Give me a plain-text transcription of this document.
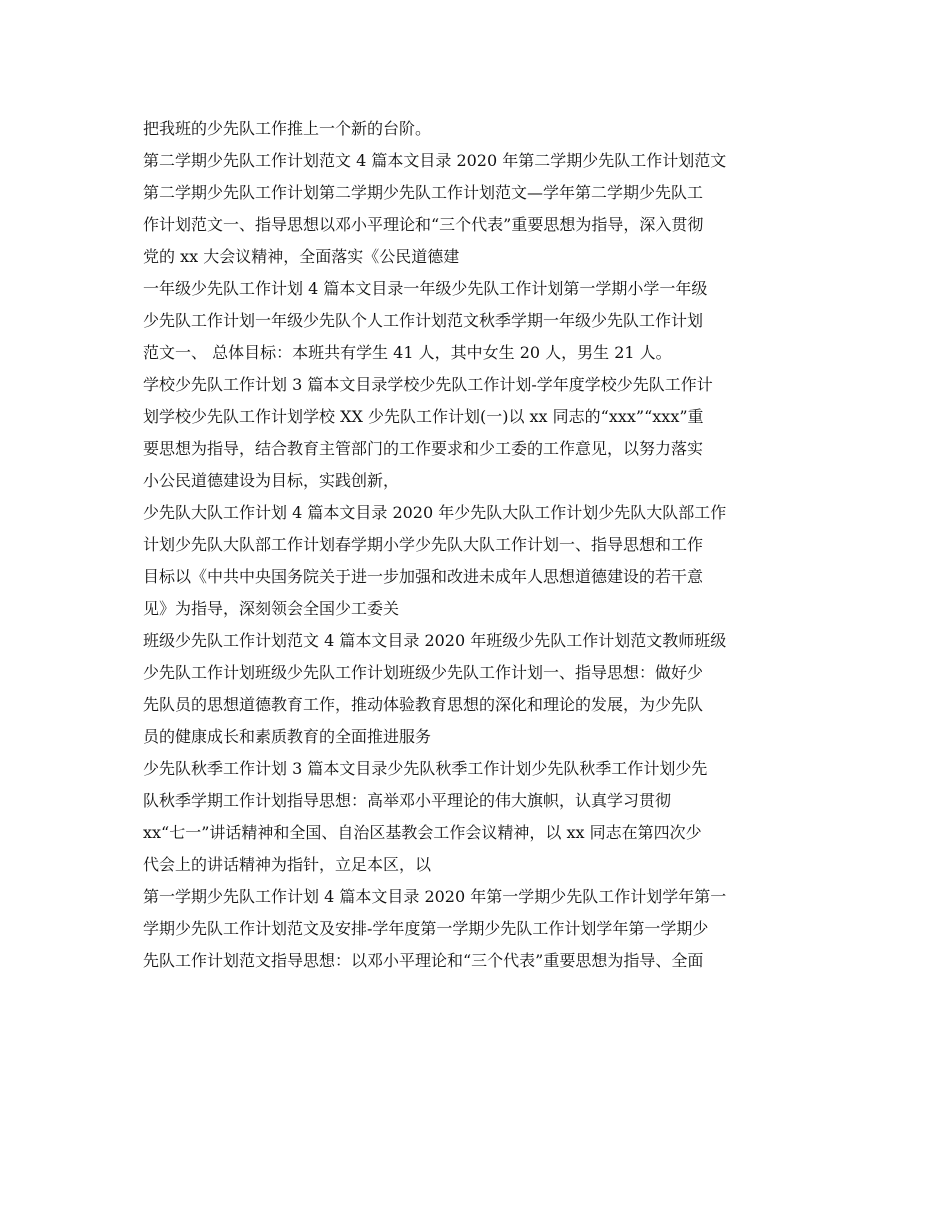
把我班的少先队工作推上一个新的台阶。
第二学期少先队工作计划范文 4 篇本文目录 2020 年第二学期少先队工作计划范文
第二学期少先队工作计划第二学期少先队工作计划范文—学年第二学期少先队工
作计划范文一、指导思想以邓小平理论和“三个代表”重要思想为指导，深入贯彻
党的 xx 大会议精神，全面落实《公民道德建
一年级少先队工作计划 4 篇本文目录一年级少先队工作计划第一学期小学一年级
少先队工作计划一年级少先队个人工作计划范文秋季学期一年级少先队工作计划
范文一、 总体目标：本班共有学生 41 人，其中女生 20 人，男生 21 人。
学校少先队工作计划 3 篇本文目录学校少先队工作计划-学年度学校少先队工作计
划学校少先队工作计划学校 XX 少先队工作计划(一)以 xx 同志的“xxx”“xxx”重
要思想为指导，结合教育主管部门的工作要求和少工委的工作意见，以努力落实
小公民道德建设为目标，实践创新，
少先队大队工作计划 4 篇本文目录 2020 年少先队大队工作计划少先队大队部工作
计划少先队大队部工作计划春学期小学少先队大队工作计划一、指导思想和工作
目标以《中共中央国务院关于进一步加强和改进未成年人思想道德建设的若干意
见》为指导，深刻领会全国少工委关
班级少先队工作计划范文 4 篇本文目录 2020 年班级少先队工作计划范文教师班级
少先队工作计划班级少先队工作计划班级少先队工作计划一、指导思想：做好少
先队员的思想道德教育工作，推动体验教育思想的深化和理论的发展，为少先队
员的健康成长和素质教育的全面推进服务
少先队秋季工作计划 3 篇本文目录少先队秋季工作计划少先队秋季工作计划少先
队秋季学期工作计划指导思想：高举邓小平理论的伟大旗帜，认真学习贯彻
xx“七一”讲话精神和全国、自治区基教会工作会议精神，以 xx 同志在第四次少
代会上的讲话精神为指针，立足本区，以
第一学期少先队工作计划 4 篇本文目录 2020 年第一学期少先队工作计划学年第一
学期少先队工作计划范文及安排-学年度第一学期少先队工作计划学年第一学期少
先队工作计划范文指导思想：以邓小平理论和“三个代表”重要思想为指导、全面
